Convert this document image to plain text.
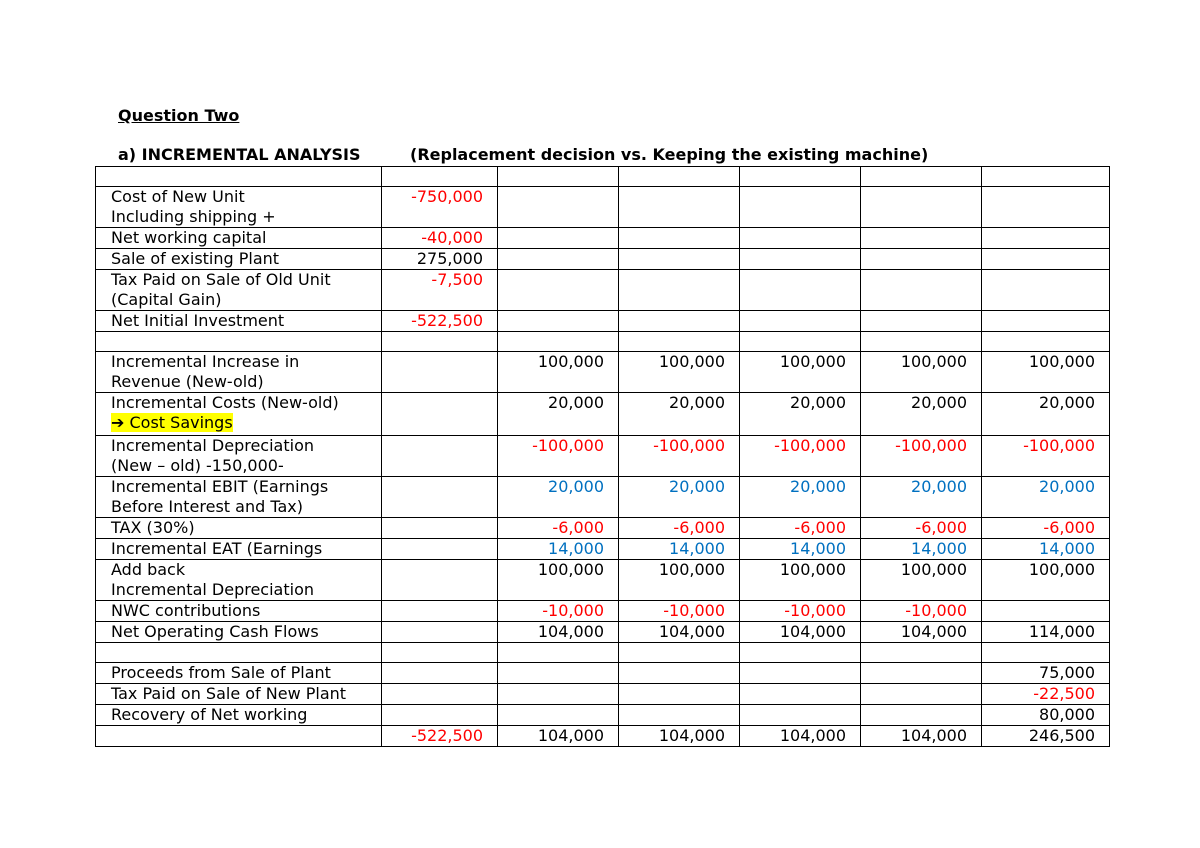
Question Two
a) INCREMENTAL ANALYSIS	(Replacement decision vs. Keeping the existing machine)

Cost of New Unit
Including shipping +	-750,000					
Net working capital	-40,000					
Sale of existing Plant	275,000					

Tax Paid on Sale of Old Unit
(Capital Gain)	-7,500					
Net Initial Investment	-522,500					

Incremental Increase in
Revenue (New-old)		100,000	100,000	100,000	100,000	100,000

Incremental Costs (New-old)
➔ Cost Savings		20,000	20,000	20,000	20,000	20,000

Incremental Depreciation
(New – old) -150,000-		-100,000	-100,000	-100,000	-100,000	-100,000

Incremental EBIT (Earnings
Before Interest and Tax)		20,000	20,000	20,000	20,000	20,000
TAX (30%)		-6,000	-6,000	-6,000	-6,000	-6,000
Incremental EAT (Earnings		14,000	14,000	14,000	14,000	14,000

Add back
Incremental Depreciation		100,000	100,000	100,000	100,000	100,000
NWC contributions		-10,000	-10,000	-10,000	-10,000	
Net Operating Cash Flows		104,000	104,000	104,000	104,000	114,000

Proceeds from Sale of Plant						75,000
Tax Paid on Sale of New Plant						-22,500
Recovery of Net working						80,000
	-522,500	104,000	104,000	104,000	104,000	246,500
